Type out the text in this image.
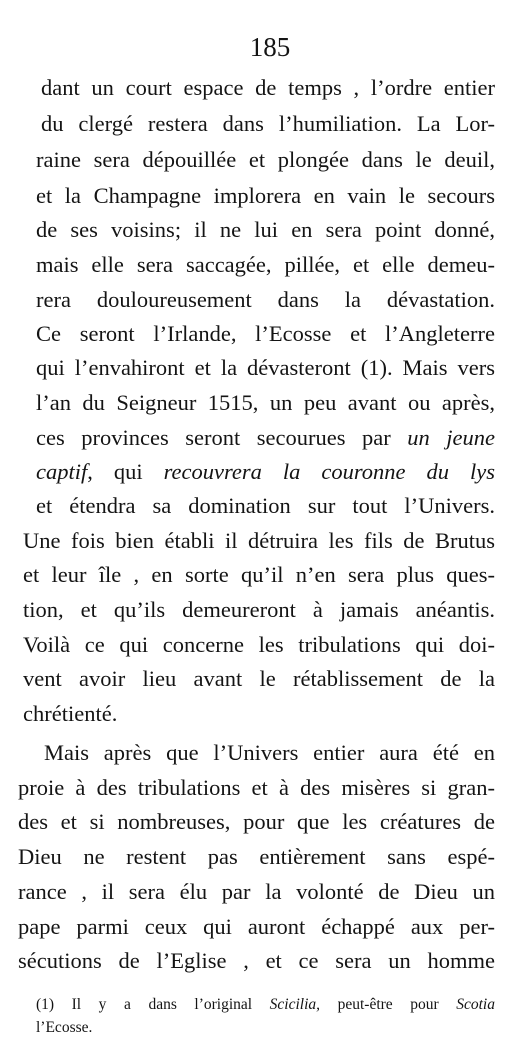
185
dant un court espace de temps , l’ordre entier
du clergé restera dans l’humiliation. La Lor-
raine sera dépouillée et plongée dans le deuil,
et la Champagne implorera en vain le secours
de ses voisins; il ne lui en sera point donné,
mais elle sera saccagée, pillée, et elle demeu-
rera douloureusement dans la dévastation.
Ce seront l’Irlande, l’Ecosse et l’Angleterre
qui l’envahiront et la dévasteront (1). Mais vers
l’an du Seigneur 1515, un peu avant ou après,
ces provinces seront secourues par un jeune
captif, qui recouvrera la couronne du lys
et étendra sa domination sur tout l’Univers.
Une fois bien établi il détruira les fils de Brutus
et leur île , en sorte qu’il n’en sera plus ques-
tion, et qu’ils demeureront à jamais anéantis.
Voilà ce qui concerne les tribulations qui doi-
vent avoir lieu avant le rétablissement de la
chrétienté.
Mais après que l’Univers entier aura été en
proie à des tribulations et à des misères si gran-
des et si nombreuses, pour que les créatures de
Dieu ne restent pas entièrement sans espé-
rance , il sera élu par la volonté de Dieu un
pape parmi ceux qui auront échappé aux per-
sécutions de l’Eglise , et ce sera un homme
(1) Il y a dans l’original Scicilia, peut-être pour Scotia
l’Ecosse.
